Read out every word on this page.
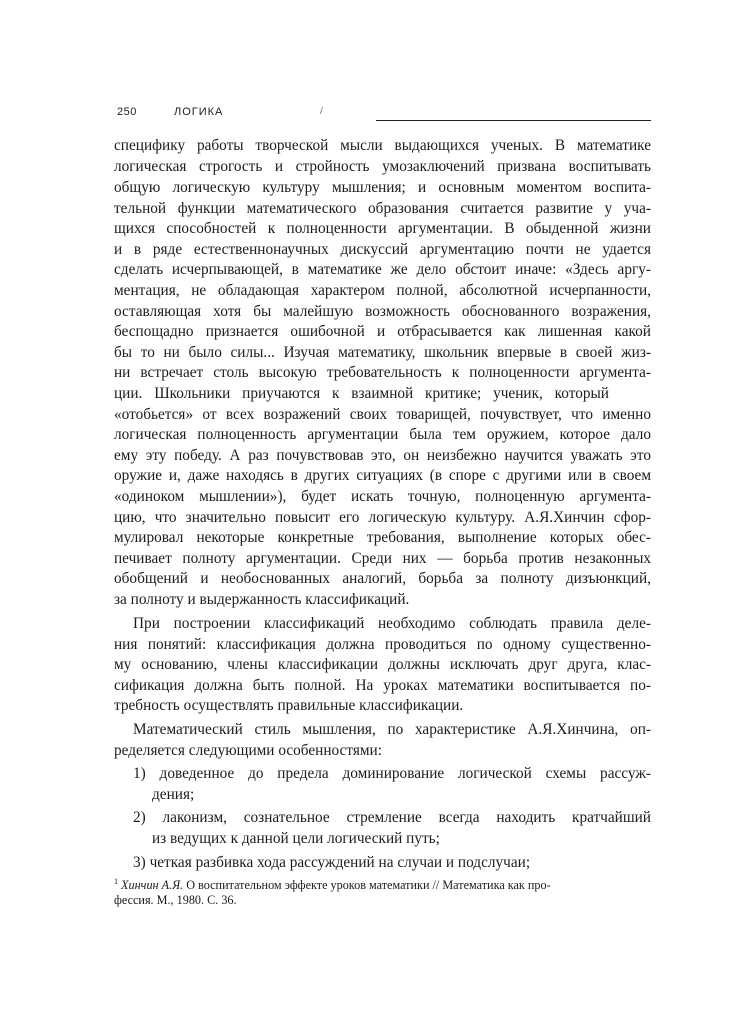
250	ЛОГИКА	/
специфику работы творческой мысли выдающихся ученых. В математике
логическая строгость и стройность умозаключений призвана воспитывать
общую логическую культуру мышления; и основным моментом воспита-
тельной функции математического образования считается развитие у уча-
щихся способностей к полноценности аргументации. В обыденной жизни
и в ряде естественнонаучных дискуссий аргументацию почти не удается
сделать исчерпывающей, в математике же дело обстоит иначе: «Здесь аргу-
ментация, не обладающая характером полной, абсолютной исчерпанности,
оставляющая хотя бы малейшую возможность обоснованного возражения,
беспощадно признается ошибочной и отбрасывается как лишенная какой
бы то ни было силы... Изучая математику, школьник впервые в своей жиз-
ни встречает столь высокую требовательность к полноценности аргумента-
ции. Школьники приучаются к взаимной критике; ученик, который
«отобьется» от всех возражений своих товарищей, почувствует, что именно
логическая полноценность аргументации была тем оружием, которое дало
ему эту победу. А раз почувствовав это, он неизбежно научится уважать это
оружие и, даже находясь в других ситуациях (в споре с другими или в своем
«одиноком мышлении»), будет искать точную, полноценную аргумента-
цию, что значительно повысит его логическую культуру. А.Я.Хинчин сфор-
мулировал некоторые конкретные требования, выполнение которых обес-
печивает полноту аргументации. Среди них — борьба против незаконных
обобщений и необоснованных аналогий, борьба за полноту дизъюнкций,
за полноту и выдержанность классификаций.
При построении классификаций необходимо соблюдать правила деле-
ния понятий: классификация должна проводиться по одному существенно-
му основанию, члены классификации должны исключать друг друга, клас-
сификация должна быть полной. На уроках математики воспитывается по-
требность осуществлять правильные классификации.
Математический стиль мышления, по характеристике А.Я.Хинчина, оп-
ределяется следующими особенностями:
1) доведенное до предела доминирование логической схемы рассуж-
дения;
2) лаконизм, сознательное стремление всегда находить кратчайший
из ведущих к данной цели логический путь;
3) четкая разбивка хода рассуждений на случаи и подслучаи;
$^1$ Хинчин А.Я. О воспитательном эффекте уроков математики // Математика как про-
фессия. М., 1980. С. 36.
